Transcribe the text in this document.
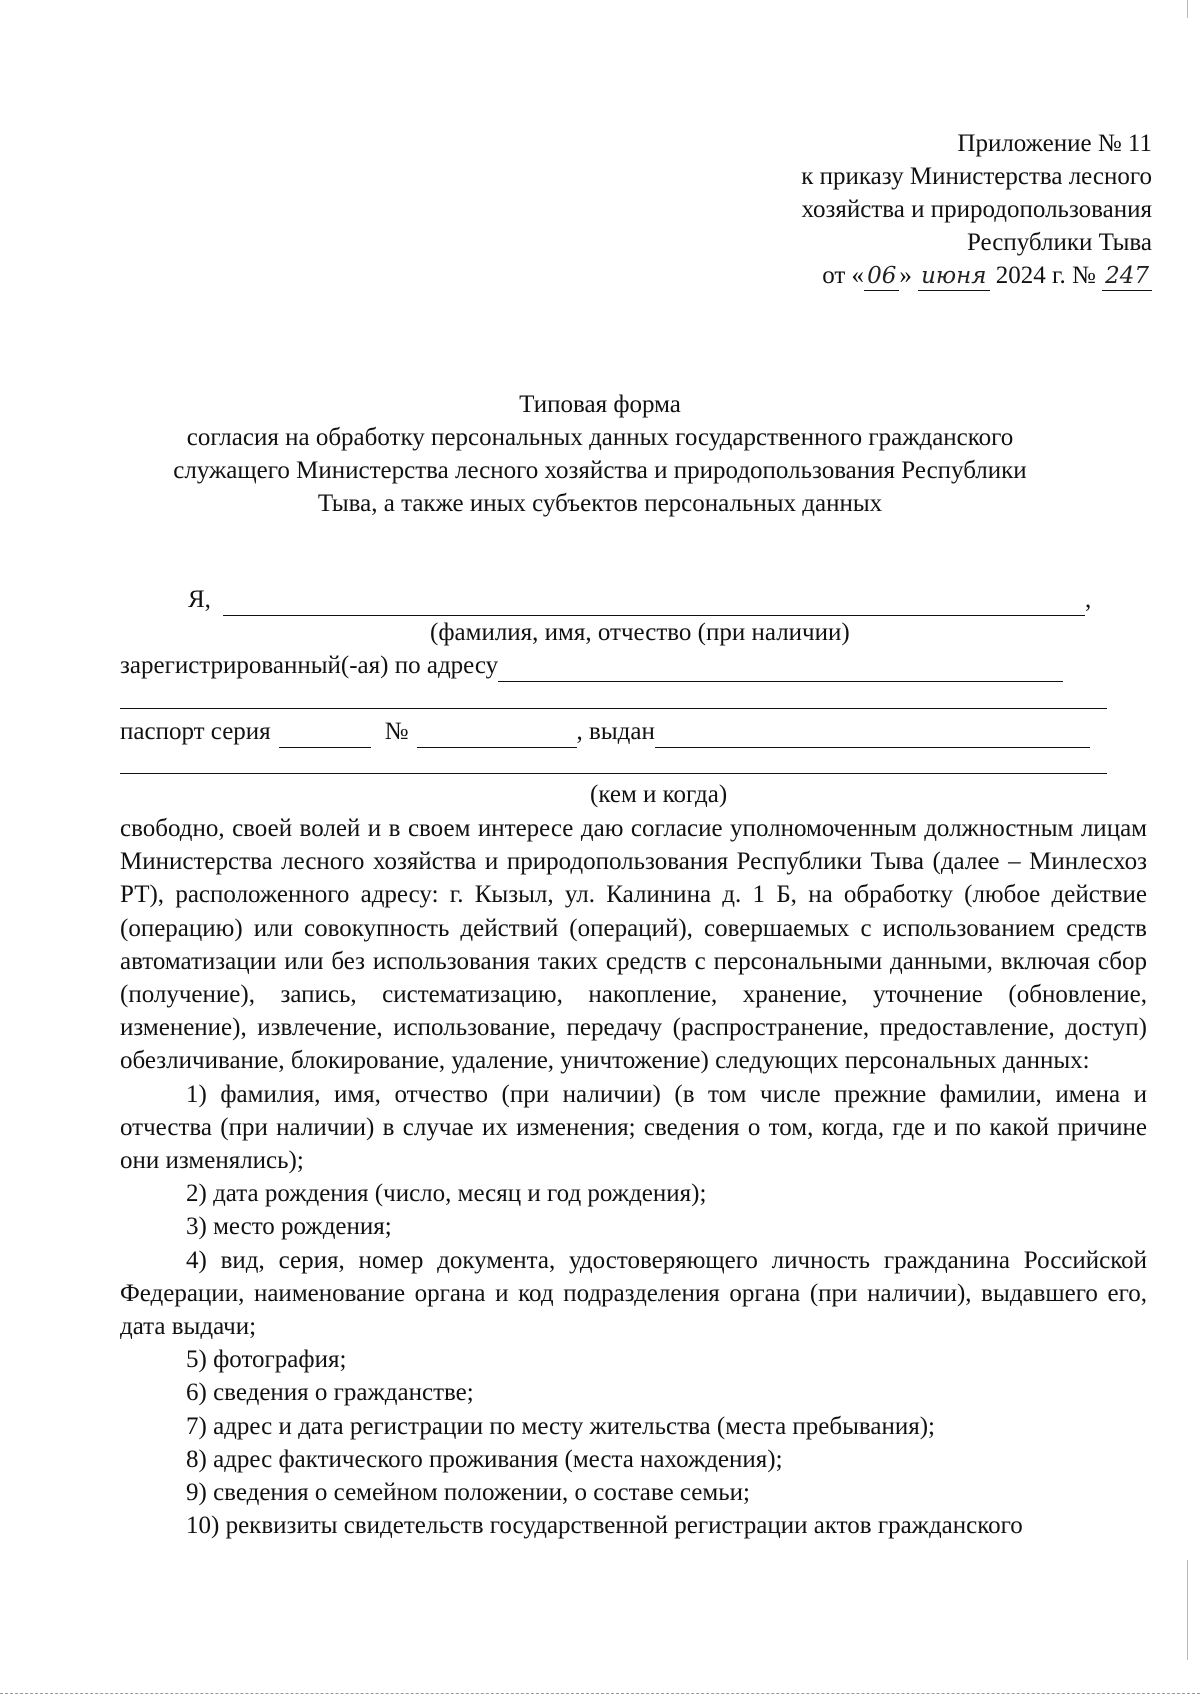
Приложение № 11
к приказу Министерства лесного
хозяйства и природопользования
Республики Тыва
от « 06 » июня 2024 г. № 247
Типовая форма
согласия на обработку персональных данных государственного гражданского
служащего Министерства лесного хозяйства и природопользования Республики
Тыва, а также иных субъектов персональных данных
Я,	,
(фамилия, имя, отчество (при наличии)
зарегистрированный(-ая) по адресу
паспорт серия	№	, выдан
(кем и когда)

свободно, своей волей и в своем интересе даю согласие уполномоченным должностным лицам Министерства лесного хозяйства и природопользования Республики Тыва (далее – Минлесхоз РТ), расположенного адресу: г. Кызыл, ул. Калинина д. 1 Б, на обработку (любое действие (операцию) или совокупность действий (операций), совершаемых с использованием средств автоматизации или без использования таких средств с персональными данными, включая сбор (получение), запись, систематизацию, накопление, хранение, уточнение (обновление, изменение), извлечение, использование, передачу (распространение, предоставление, доступ) обезличивание, блокирование, удаление, уничтожение) следующих персональных данных:

1) фамилия, имя, отчество (при наличии) (в том числе прежние фамилии, имена и отчества (при наличии) в случае их изменения; сведения о том, когда, где и по какой причине они изменялись);

2) дата рождения (число, месяц и год рождения);

3) место рождения;

4) вид, серия, номер документа, удостоверяющего личность гражданина Российской Федерации, наименование органа и код подразделения органа (при наличии), выдавшего его, дата выдачи;

5) фотография;

6) сведения о гражданстве;

7) адрес и дата регистрации по месту жительства (места пребывания);

8) адрес фактического проживания (места нахождения);

9) сведения о семейном положении, о составе семьи;

10) реквизиты свидетельств государственной регистрации актов гражданского
